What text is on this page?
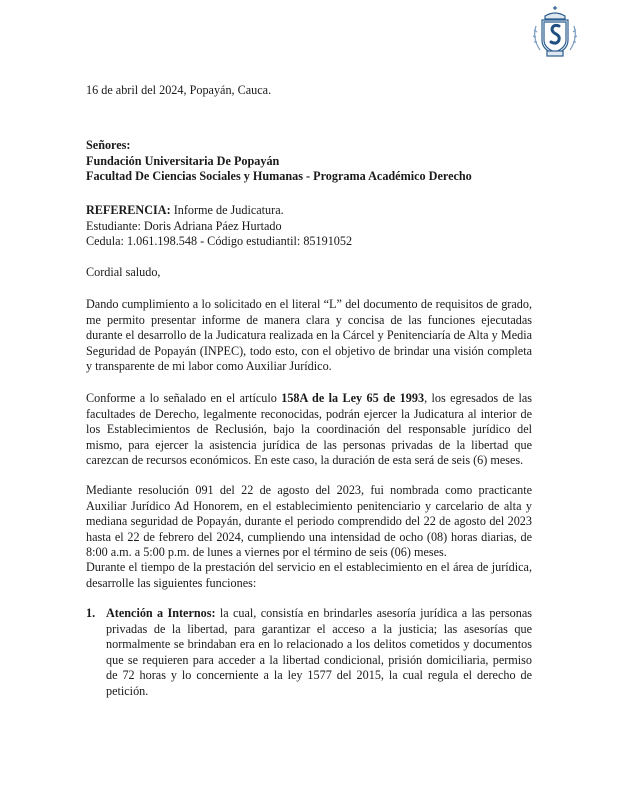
16 de abril del 2024, Popayán, Cauca.
Señores:
Fundación Universitaria De Popayán
Facultad De Ciencias Sociales y Humanas - Programa Académico Derecho
REFERENCIA: Informe de Judicatura.
Estudiante: Doris Adriana Páez Hurtado
Cedula: 1.061.198.548 - Código estudiantil: 85191052
Cordial saludo,
Dando cumplimiento a lo solicitado en el literal “L” del documento de requisitos de grado, me permito presentar informe de manera clara y concisa de las funciones ejecutadas durante el desarrollo de la Judicatura realizada en la Cárcel y Penitenciaría de Alta y Media Seguridad de Popayán (INPEC), todo esto, con el objetivo de brindar una visión completa y transparente de mi labor como Auxiliar Jurídico.
Conforme a lo señalado en el artículo 158A de la Ley 65 de 1993, los egresados de las facultades de Derecho, legalmente reconocidas, podrán ejercer la Judicatura al interior de los Establecimientos de Reclusión, bajo la coordinación del responsable jurídico del mismo, para ejercer la asistencia jurídica de las personas privadas de la libertad que carezcan de recursos económicos. En este caso, la duración de esta será de seis (6) meses.
Mediante resolución 091 del 22 de agosto del 2023, fui nombrada como practicante Auxiliar Jurídico Ad Honorem, en el establecimiento penitenciario y carcelario de alta y mediana seguridad de Popayán, durante el periodo comprendido del 22 de agosto del 2023 hasta el 22 de febrero del 2024, cumpliendo una intensidad de ocho (08) horas diarias, de 8:00 a.m. a 5:00 p.m. de lunes a viernes por el término de seis (06) meses.
Durante el tiempo de la prestación del servicio en el establecimiento en el área de jurídica, desarrolle las siguientes funciones:
1. Atención a Internos: la cual, consistía en brindarles asesoría jurídica a las personas privadas de la libertad, para garantizar el acceso a la justicia; las asesorías que normalmente se brindaban era en lo relacionado a los delitos cometidos y documentos que se requieren para acceder a la libertad condicional, prisión domiciliaria, permiso de 72 horas y lo concerniente a la ley 1577 del 2015, la cual regula el derecho de petición.
